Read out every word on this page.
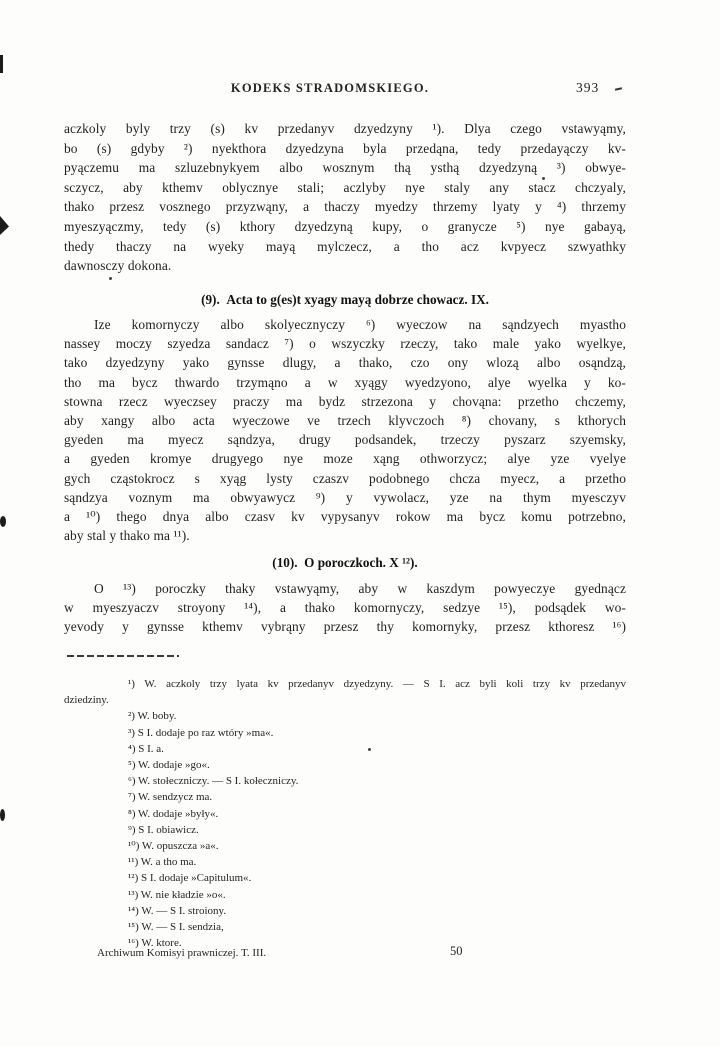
KODEKS STRADOMSKIEGO.	393
aczkoly byly trzy (s) kv przedanyv dzyedzyny ¹). Dlya czego vstawyąmy,
bo (s) gdyby ²) nyekthora dzyedzyna byla przedąna, tedy przedayączy kv-
pyączemu ma szluzebnykyem albo wosznym thą ysthą dzyedzyną ³) obwye-
sczycz, aby kthemv oblycznye stali; aczlyby nye staly any stacz chczyaly,
thako przesz vosznego przyzwąny, a thaczy myedzy thrzemy lyaty y ⁴) thrzemy
myeszyączmy, tedy (s) kthory dzyedzyną kupy, o granycze ⁵) nye gabayą,
thedy thaczy na wyeky mayą mylczecz, a tho acz kvpyecz szwyathky
dawnosczy dokona.
(9). Acta to g(es)t xyagy mayą dobrze chowacz. IX.
Ize komornyczy albo skolyecznyczy ⁶) wyeczow na sąndzyech myastho
nassey moczy szyedza sandacz ⁷) o wszyczky rzeczy, tako male yako wyelkye,
tako dzyedzyny yako gynsse dlugy, a thako, czo ony wlozą albo osąndzą,
tho ma bycz thwardo trzymąno a w xyągy wyedzyono, alye wyelka y ko-
stowna rzecz wyeczsey praczy ma bydz strzezona y chovąna: przetho chczemy,
aby xangy albo acta wyeczowe ve trzech klyvczoch ⁸) chovany, s kthorych
gyeden ma myecz sąndzya, drugy podsandek, trzeczy pyszarz szyemsky,
a gyeden kromye drugyego nye moze xąng othworzycz; alye yze vyelye
gych cząstokrocz s xyąg lysty czaszv podobnego chcza myecz, a przetho
sąndzya voznym ma obwyawycz ⁹) y vywolacz, yze na thym myesczyv
a ¹⁰) thego dnya albo czasv kv vypysanyv rokow ma bycz komu potrzebno,
aby stal y thako ma ¹¹).
(10). O poroczkoch. X ¹²).
O ¹³) poroczky thaky vstawyąmy, aby w kaszdym powyeczye gyednącz
w myeszyaczv stroyony ¹⁴), a thako komornyczy, sedzye ¹⁵), podsądek wo-
yevody y gynsse kthemv vybrąny przesz thy komornyky, przesz kthoresz ¹⁶)
¹) W. aczkoly trzy lyata kv przedanyv dzyedzyny. — S I. acz byli koli trzy kv przedanyv
dziedziny.
²) W. boby.
³) S I. dodaje po raz wtóry »ma«.
⁴) S I. a.
⁵) W. dodaje »go«.
⁶) W. stołeczniczy. — S I. kołeczniczy.
⁷) W. sendzycz ma.
⁸) W. dodaje »były«.
⁹) S I. obiawicz.
¹⁰) W. opuszcza »a«.
¹¹) W. a tho ma.
¹²) S I. dodaje »Capitulum«.
¹³) W. nie kładzie »o«.
¹⁴) W. — S I. stroiony.
¹⁵) W. — S I. sendzia,
¹⁶) W. ktore.
Archiwum Komisyi prawniczej. T. III.	50
